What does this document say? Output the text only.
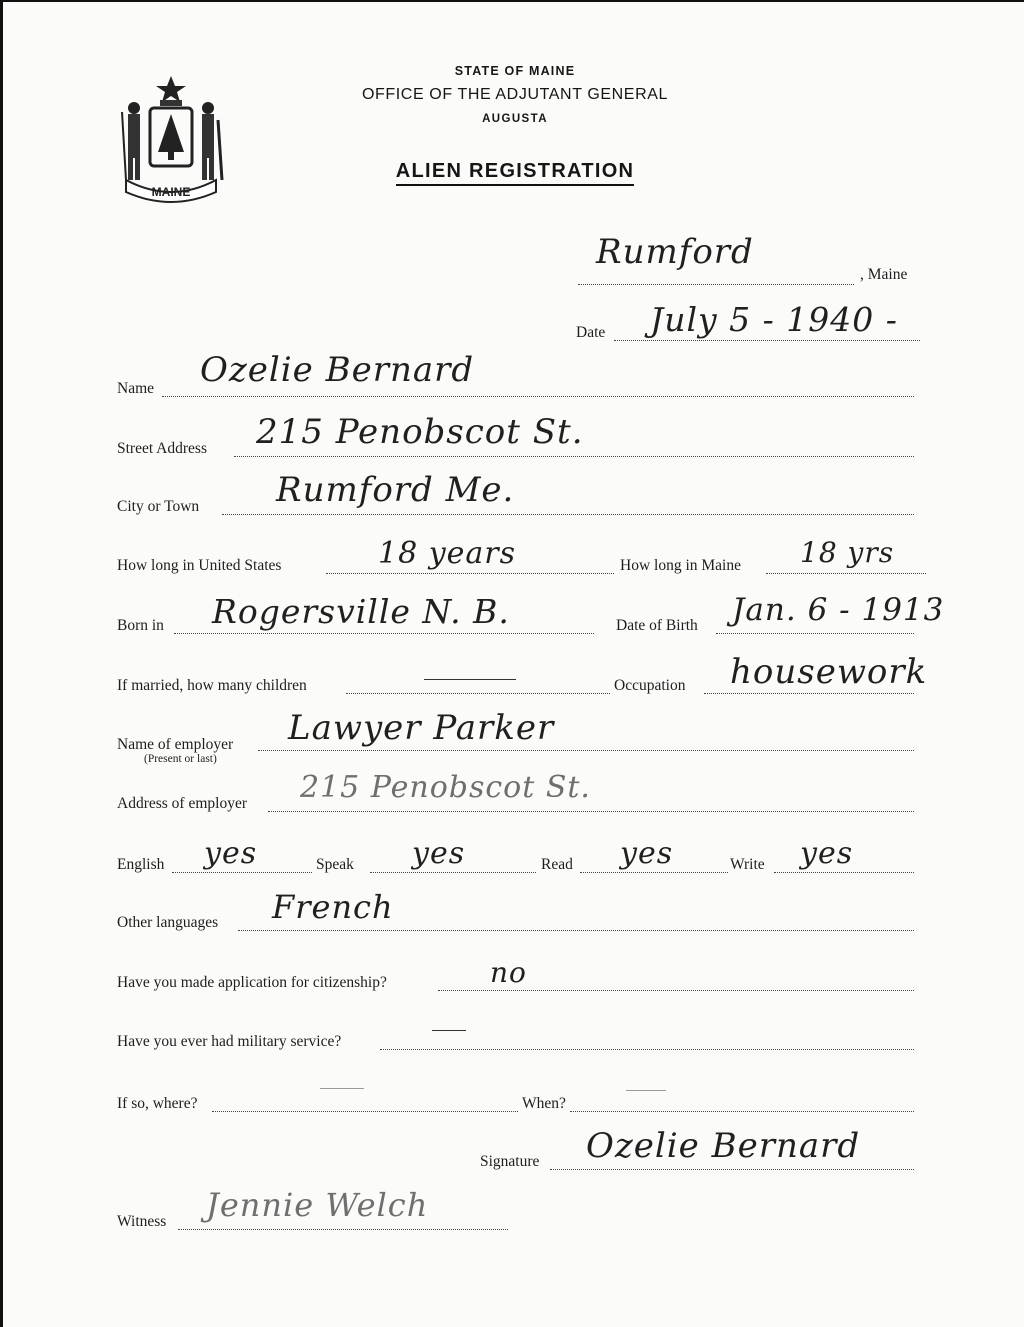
MAINE
STATE OF MAINE
OFFICE OF THE ADJUTANT GENERAL
AUGUSTA
ALIEN REGISTRATION
Rumford
, Maine
Date July 5 - 1940 -
Name Ozelie Bernard
Street Address 215 Penobscot St.
City or Town Rumford Me.
How long in United States	18 years	How long in Maine 18 yrs
Born in Rogersville N. B.	Date of Birth Jan. 6 - 1913
If married, how many children	Occupation housework
Name of employer
(Present or last)
Lawyer Parker
Address of employer 215 Penobscot St.
English yes	Speak yes	Read yes	Write yes
Other languages French
Have you made application for citizenship?	no
Have you ever had military service?
If so, where?	When?
Signature Ozelie Bernard
Witness Jennie Welch
